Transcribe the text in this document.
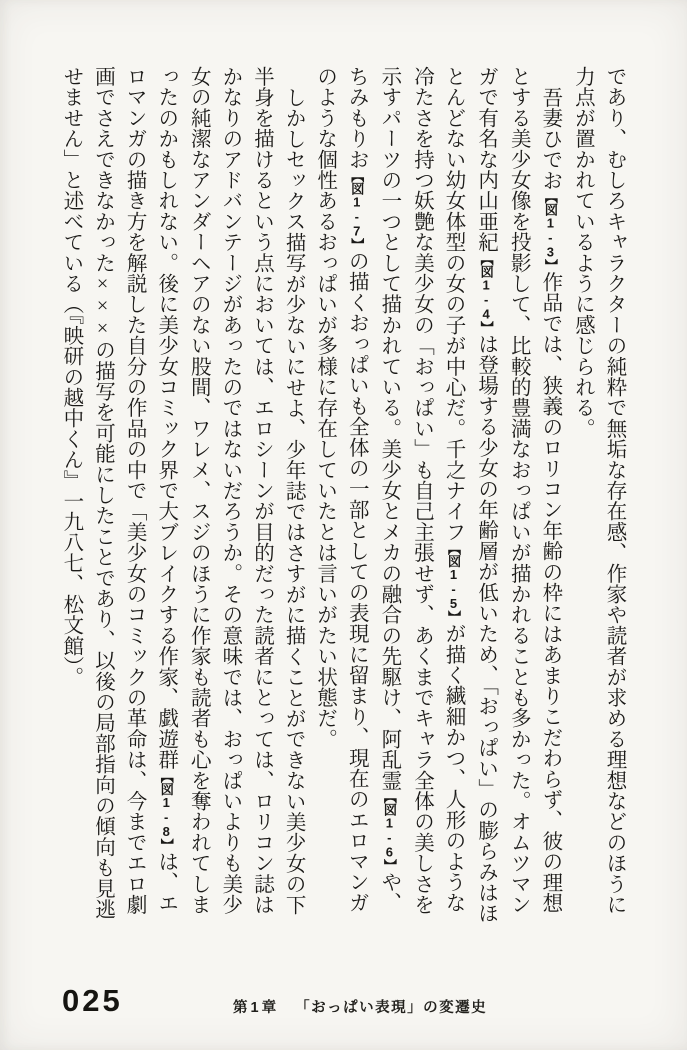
であり、むしろキャラクターの純粋で無垢な存在感、作家や読者が求める理想などのほうに力点が置かれているように感じられる。

吾妻ひでお【図1-3】作品では、狭義のロリコン年齢の枠にはあまりこだわらず、彼の理想とする美少女像を投影して、比較的豊満なおっぱいが描かれることも多かった。オムツマンガで有名な内山亜紀【図1-4】は登場する少女の年齢層が低いため、「おっぱい」の膨らみはほとんどない幼女体型の女の子が中心だ。千之ナイフ【図1-5】が描く繊細かつ、人形のような冷たさを持つ妖艶な美少女の「おっぱい」も自己主張せず、あくまでキャラ全体の美しさを示すパーツの一つとして描かれている。美少女とメカの融合の先駆け、阿乱霊【図1-6】や、ちみもりお【図1-7】の描くおっぱいも全体の一部としての表現に留まり、現在のエロマンガのような個性あるおっぱいが多様に存在していたとは言いがたい状態だ。

しかしセックス描写が少ないにせよ、少年誌ではさすがに描くことができない美少女の下半身を描けるという点においては、エロシーンが目的だった読者にとっては、ロリコン誌はかなりのアドバンテージがあったのではないだろうか。その意味では、おっぱいよりも美少女の純潔なアンダーヘアのない股間、ワレメ、スジのほうに作家も読者も心を奪われてしまったのかもしれない。後に美少女コミック界で大ブレイクする作家、戯遊群【図1-8】は、エロマンガの描き方を解説した自分の作品の中で「美少女のコミックの革命は、今までエロ劇画でさえできなかった×××の描写を可能にしたことであり、以後の局部指向の傾向も見逃せません」と述べている（『映研の越中くん』一九八七、松文館）。

025	第1章 「おっぱい表現」の変遷史
